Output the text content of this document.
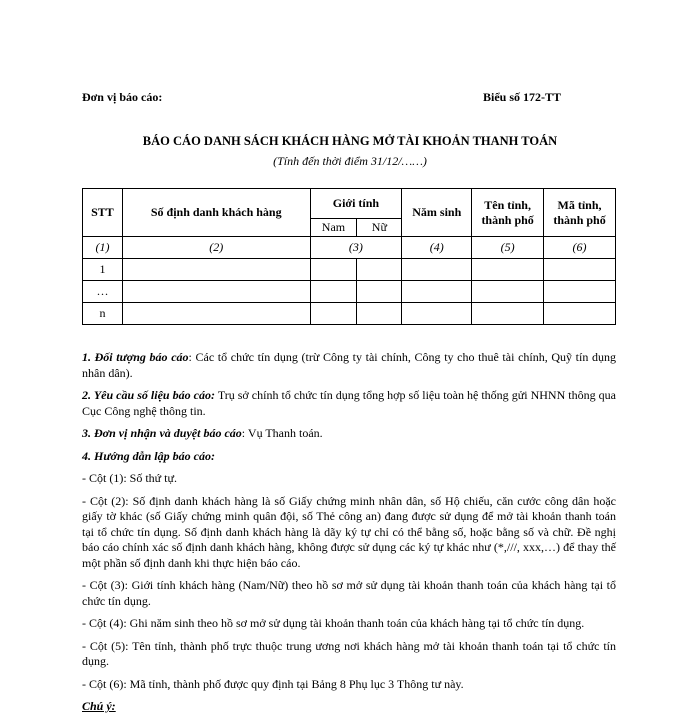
Đơn vị báo cáo:	Biểu số 172-TT
BÁO CÁO DANH SÁCH KHÁCH HÀNG MỞ TÀI KHOẢN THANH TOÁN
(Tính đến thời điểm 31/12/……)
STT	Số định danh khách hàng	Giới tính		Năm sinh	Tên tỉnh, thành phố	Mã tỉnh, thành phố
		Nam	Nữ			
(1)	(2)	(3)		(4)	(5)	(6)
1						
…						
n						

1. Đối tượng báo cáo: Các tổ chức tín dụng (trừ Công ty tài chính, Công ty cho thuê tài chính, Quỹ tín dụng nhân dân).

2. Yêu cầu số liệu báo cáo: Trụ sở chính tổ chức tín dụng tổng hợp số liệu toàn hệ thống gửi NHNN thông qua Cục Công nghệ thông tin.

3. Đơn vị nhận và duyệt báo cáo: Vụ Thanh toán.

4. Hướng dẫn lập báo cáo:

- Cột (1): Số thứ tự.

- Cột (2): Số định danh khách hàng là số Giấy chứng minh nhân dân, số Hộ chiếu, căn cước công dân hoặc giấy tờ khác (số Giấy chứng minh quân đội, số Thẻ công an) đang được sử dụng để mở tài khoản thanh toán tại tổ chức tín dụng. Số định danh khách hàng là dãy ký tự chỉ có thể bằng số, hoặc bằng số và chữ. Đề nghị báo cáo chính xác số định danh khách hàng, không được sử dụng các ký tự khác như (*,///, xxx,…) để thay thế một phần số định danh khi thực hiện báo cáo.

- Cột (3): Giới tính khách hàng (Nam/Nữ) theo hồ sơ mở sử dụng tài khoản thanh toán của khách hàng tại tổ chức tín dụng.

- Cột (4): Ghi năm sinh theo hồ sơ mở sử dụng tài khoản thanh toán của khách hàng tại tổ chức tín dụng.

- Cột (5): Tên tỉnh, thành phố trực thuộc trung ương nơi khách hàng mở tài khoản thanh toán tại tổ chức tín dụng.

- Cột (6): Mã tỉnh, thành phố được quy định tại Bảng 8 Phụ lục 3 Thông tư này.

Chú ý:
